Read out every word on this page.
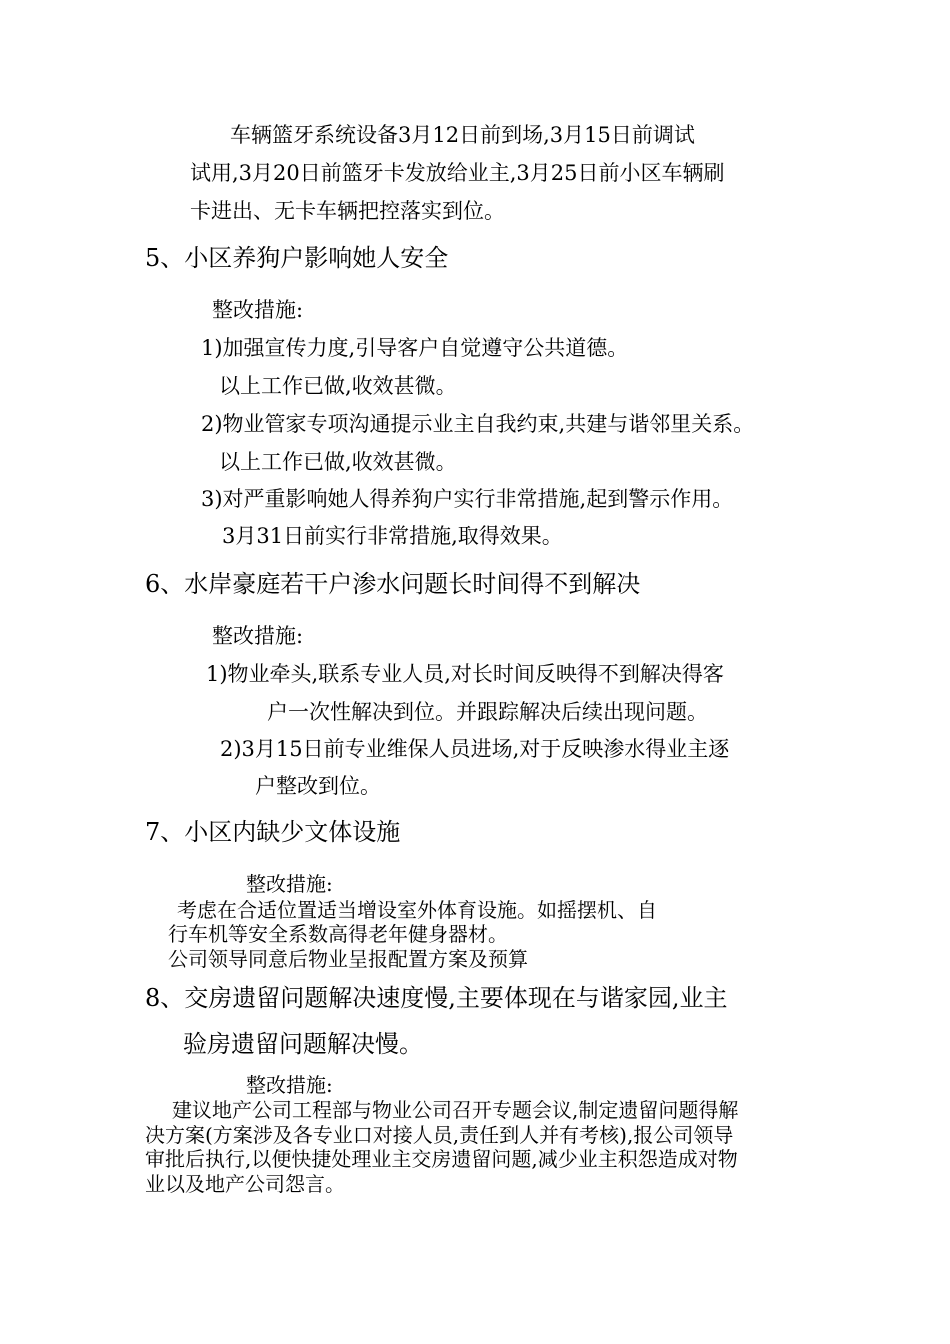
车辆篮牙系统设备3月12日前到场,3月15日前调试
试用,3月20日前篮牙卡发放给业主,3月25日前小区车辆刷
卡进出、无卡车辆把控落实到位。
5、小区养狗户影响她人安全
整改措施:
1)加强宣传力度,引导客户自觉遵守公共道德。
以上工作已做,收效甚微。
2)物业管家专项沟通提示业主自我约束,共建与谐邻里关系。
以上工作已做,收效甚微。
3)对严重影响她人得养狗户实行非常措施,起到警示作用。
3月31日前实行非常措施,取得效果。
6、水岸豪庭若干户渗水问题长时间得不到解决
整改措施:
1)物业牵头,联系专业人员,对长时间反映得不到解决得客
户一次性解决到位。并跟踪解决后续出现问题。
2)3月15日前专业维保人员进场,对于反映渗水得业主逐
户整改到位。
7、小区内缺少文体设施
整改措施:
考虑在合适位置适当增设室外体育设施。如摇摆机、自
行车机等安全系数高得老年健身器材。
公司领导同意后物业呈报配置方案及预算
8、交房遗留问题解决速度慢,主要体现在与谐家园,业主
验房遗留问题解决慢。
整改措施:
建议地产公司工程部与物业公司召开专题会议,制定遗留问题得解
决方案(方案涉及各专业口对接人员,责任到人并有考核),报公司领导
审批后执行,以便快捷处理业主交房遗留问题,减少业主积怨造成对物
业以及地产公司怨言。
